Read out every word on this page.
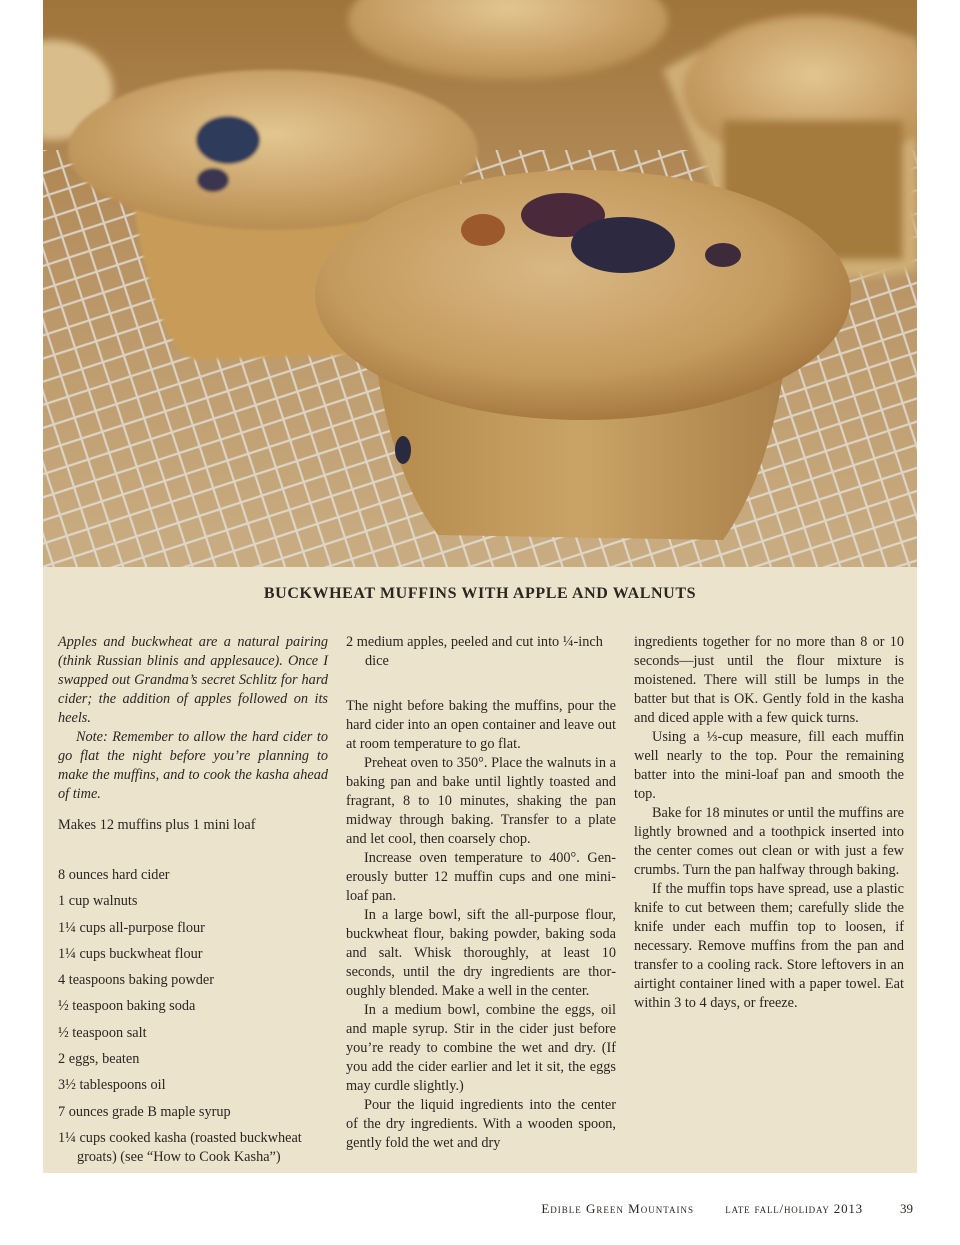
BUCKWHEAT MUFFINS WITH APPLE AND WALNUTS

Apples and buckwheat are a natural pairing (think Russian blinis and applesauce). Once I swapped out Grandma’s secret Schlitz for hard cider; the addition of apples followed on its heels.

Note: Remember to allow the hard cider to go flat the night before you’re planning to make the muffins, and to cook the kasha ahead of time.

Makes 12 muffins plus 1 mini loaf
8 ounces hard cider
1 cup walnuts
1¼ cups all-purpose flour
1¼ cups buckwheat flour
4 teaspoons baking powder
½ teaspoon baking soda
½ teaspoon salt
2 eggs, beaten
3½ tablespoons oil
7 ounces grade B maple syrup
1¼ cups cooked kasha (roasted buckwheat groats) (see “How to Cook Kasha”)

2 medium apples, peeled and cut into ¼-inch dice

The night before baking the muffins, pour the hard cider into an open container and leave out at room temperature to go flat.

Preheat oven to 350°. Place the walnuts in a baking pan and bake until lightly toasted and fragrant, 8 to 10 minutes, shaking the pan midway through baking. Transfer to a plate and let cool, then coarsely chop.

Increase oven temperature to 400°. Generously butter 12 muffin cups and one mini-loaf pan.

In a large bowl, sift the all-purpose flour, buckwheat flour, baking powder, baking soda and salt. Whisk thoroughly, at least 10 seconds, until the dry ingredients are thoroughly blended. Make a well in the center.

In a medium bowl, combine the eggs, oil and maple syrup. Stir in the cider just before you’re ready to combine the wet and dry. (If you add the cider earlier and let it sit, the eggs may curdle slightly.)

Pour the liquid ingredients into the center of the dry ingredients. With a wooden spoon, gently fold the wet and dry

ingredients together for no more than 8 or 10 seconds—just until the flour mixture is moistened. There will still be lumps in the batter but that is OK. Gently fold in the kasha and diced apple with a few quick turns.

Using a ⅓-cup measure, fill each muffin well nearly to the top. Pour the remaining batter into the mini-loaf pan and smooth the top.

Bake for 18 minutes or until the muffins are lightly browned and a toothpick inserted into the center comes out clean or with just a few crumbs. Turn the pan halfway through baking.

If the muffin tops have spread, use a plastic knife to cut between them; carefully slide the knife under each muffin top to loosen, if necessary. Remove muffins from the pan and transfer to a cooling rack. Store leftovers in an airtight container lined with a paper towel. Eat within 3 to 4 days, or freeze.

Edible Green Mountains late fall/holiday 2013	39
